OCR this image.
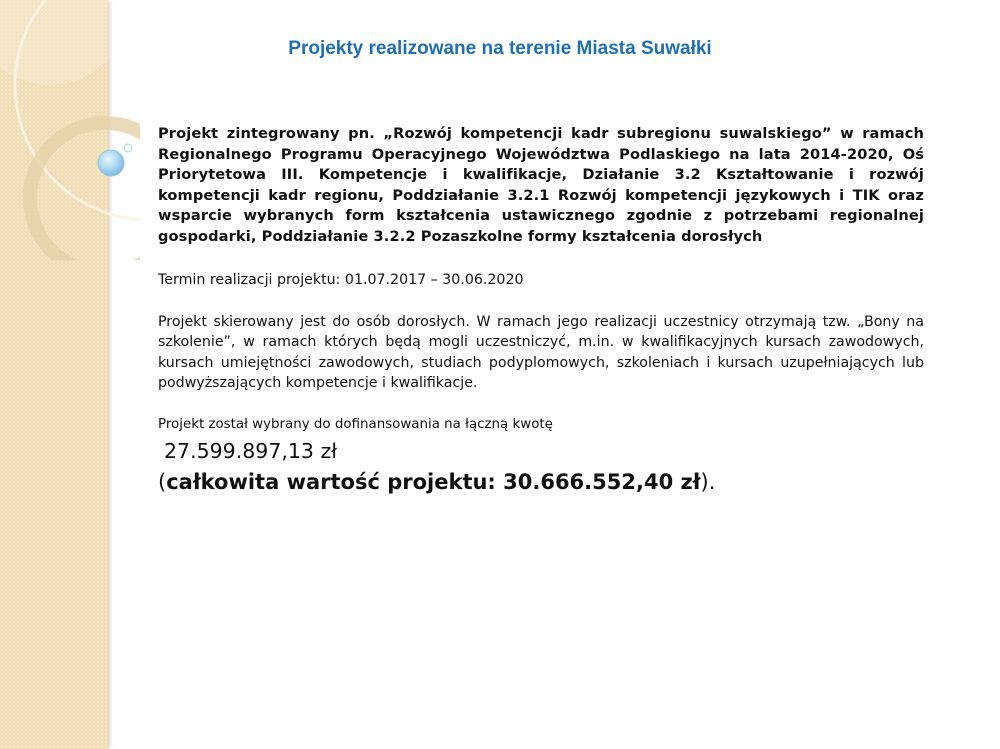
Projekty realizowane na terenie Miasta Suwałki

Projekt zintegrowany pn. „Rozwój kompetencji kadr subregionu suwalskiego” w ramach Regionalnego Programu Operacyjnego Województwa Podlaskiego na lata 2014-2020, Oś Priorytetowa III. Kompetencje i kwalifikacje, Działanie 3.2 Kształtowanie i rozwój kompetencji kadr regionu, Poddziałanie 3.2.1 Rozwój kompetencji językowych i TIK oraz wsparcie wybranych form kształcenia ustawicznego zgodnie z potrzebami regionalnej gospodarki, Poddziałanie 3.2.2 Pozaszkolne formy kształcenia dorosłych

Termin realizacji projektu: 01.07.2017 – 30.06.2020

Projekt skierowany jest do osób dorosłych. W ramach jego realizacji uczestnicy otrzymają tzw. „Bony na szkolenie”, w ramach których będą mogli uczestniczyć, m.in. w kwalifikacyjnych kursach zawodowych, kursach umiejętności zawodowych, studiach podyplomowych, szkoleniach i kursach uzupełniających lub podwyższających kompetencje i kwalifikacje.

Projekt został wybrany do dofinansowania na łączną kwotę

27.599.897,13 zł

(całkowita wartość projektu: 30.666.552,40 zł).
